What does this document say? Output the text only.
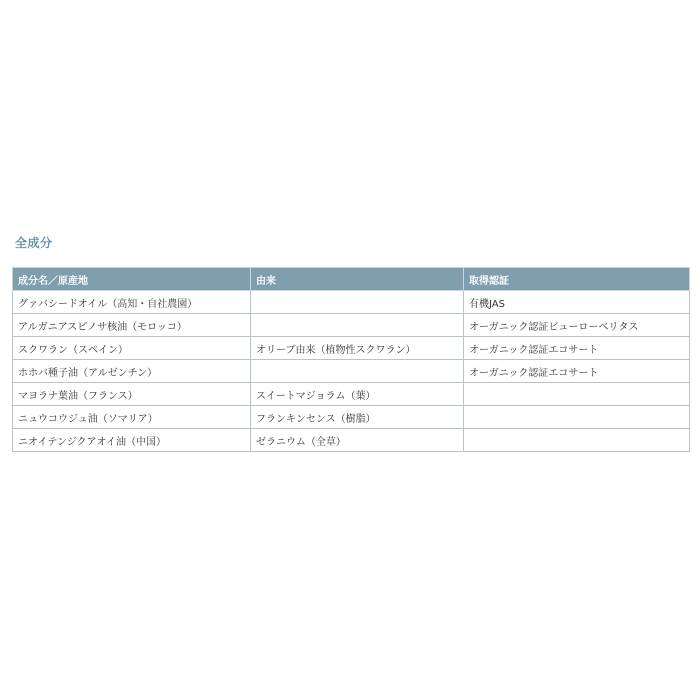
全成分
成分名／原産地	由来	取得認証
グァバシードオイル（高知・自社農園）		有機JAS
アルガニアスピノサ核油（モロッコ）		オーガニック認証ビューローベリタス
スクワラン（スペイン）	オリーブ由来（植物性スクワラン）	オーガニック認証エコサート
ホホバ種子油（アルゼンチン）		オーガニック認証エコサート
マヨラナ葉油（フランス）	スイートマジョラム（葉）	
ニュウコウジュ油（ソマリア）	フランキンセンス（樹脂）	
ニオイテンジクアオイ油（中国）	ゼラニウム（全草）	
